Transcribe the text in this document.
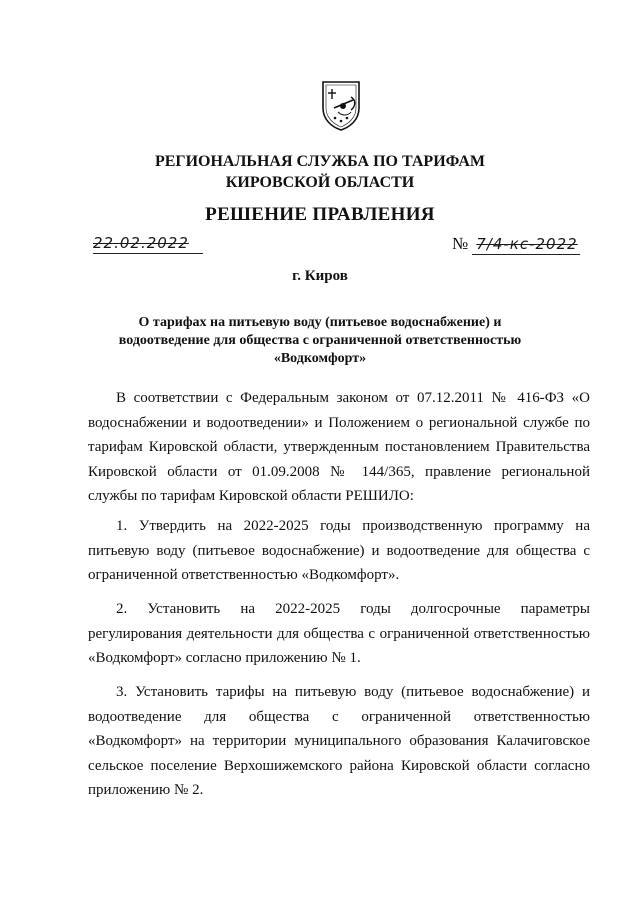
РЕГИОНАЛЬНАЯ СЛУЖБА ПО ТАРИФАМ
КИРОВСКОЙ ОБЛАСТИ
РЕШЕНИЕ ПРАВЛЕНИЯ
22.02.2022	№ 7/4-кс-2022
г. Киров
О тарифах на питьевую воду (питьевое водоснабжение) и
водоотведение для общества с ограниченной ответственностью
«Водкомфорт»
В соответствии с Федеральным законом от 07.12.2011 № 416-ФЗ «О
водоснабжении и водоотведении» и Положением о региональной службе по
тарифам Кировской области, утвержденным постановлением Правительства
Кировской области от 01.09.2008 № 144/365, правление региональной
службы по тарифам Кировской области РЕШИЛО:
1. Утвердить на 2022-2025 годы производственную программу на
питьевую воду (питьевое водоснабжение) и водоотведение для общества с
ограниченной ответственностью «Водкомфорт».
2. Установить на 2022-2025 годы долгосрочные параметры
регулирования деятельности для общества с ограниченной ответственностью
«Водкомфорт» согласно приложению № 1.
3. Установить тарифы на питьевую воду (питьевое водоснабжение) и
водоотведение для общества с ограниченной ответственностью
«Водкомфорт» на территории муниципального образования Калачиговское
сельское поселение Верхошижемского района Кировской области согласно
приложению № 2.
